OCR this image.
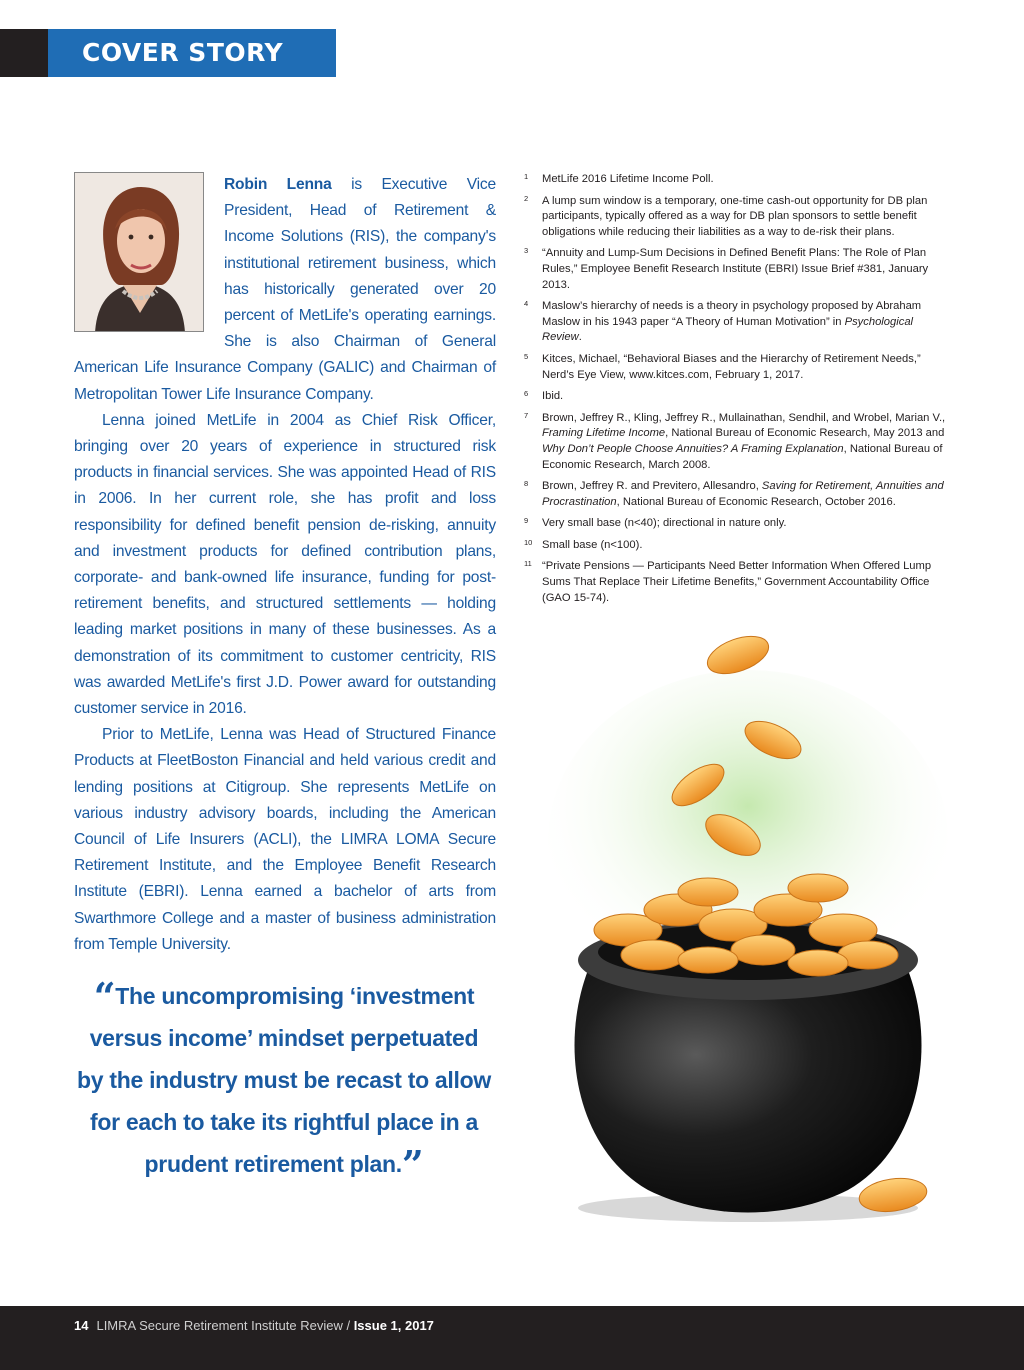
COVER STORY

Robin Lenna is Executive Vice President, Head of Retirement & Income Solutions (RIS), the company's institutional retirement business, which has historically generated over 20 percent of MetLife's operating earnings. She is also Chairman of General American Life Insurance Company (GALIC) and Chairman of Metropolitan Tower Life Insurance Company.

Lenna joined MetLife in 2004 as Chief Risk Officer, bringing over 20 years of experience in structured risk products in financial services. She was appointed Head of RIS in 2006. In her current role, she has profit and loss responsibility for defined benefit pension de-risking, annuity and investment products for defined contribution plans, corporate- and bank-owned life insurance, funding for post-retirement benefits, and structured settlements — holding leading market positions in many of these businesses. As a demonstration of its commitment to customer centricity, RIS was awarded MetLife's first J.D. Power award for outstanding customer service in 2016.

Prior to MetLife, Lenna was Head of Structured Finance Products at FleetBoston Financial and held various credit and lending positions at Citigroup. She represents MetLife on various industry advisory boards, including the American Council of Life Insurers (ACLI), the LIMRA LOMA Secure Retirement Institute, and the Employee Benefit Research Institute (EBRI). Lenna earned a bachelor of arts from Swarthmore College and a master of business administration from Temple University.

1 MetLife 2016 Lifetime Income Poll.
2 A lump sum window is a temporary, one-time cash-out opportunity for DB plan participants, typically offered as a way for DB plan sponsors to settle benefit obligations while reducing their liabilities as a way to de-risk their plans.
3 “Annuity and Lump-Sum Decisions in Defined Benefit Plans: The Role of Plan Rules,” Employee Benefit Research Institute (EBRI) Issue Brief #381, January 2013.
4 Maslow’s hierarchy of needs is a theory in psychology proposed by Abraham Maslow in his 1943 paper “A Theory of Human Motivation” in Psychological Review.
5 Kitces, Michael, “Behavioral Biases and the Hierarchy of Retirement Needs,” Nerd’s Eye View, www.kitces.com, February 1, 2017.
6 Ibid.
7 Brown, Jeffrey R., Kling, Jeffrey R., Mullainathan, Sendhil, and Wrobel, Marian V., Framing Lifetime Income, National Bureau of Economic Research, May 2013 and Why Don’t People Choose Annuities? A Framing Explanation, National Bureau of Economic Research, March 2008.
8 Brown, Jeffrey R. and Previtero, Allesandro, Saving for Retirement, Annuities and Procrastination, National Bureau of Economic Research, October 2016.
9 Very small base (n<40); directional in nature only.
10 Small base (n<100).
11 “Private Pensions — Participants Need Better Information When Offered Lump Sums That Replace Their Lifetime Benefits,” Government Accountability Office (GAO 15-74).
“The uncompromising ‘investment versus income’ mindset perpetuated by the industry must be recast to allow for each to take its rightful place in a prudent retirement plan.”
14 LIMRA Secure Retirement Institute Review / Issue 1, 2017
